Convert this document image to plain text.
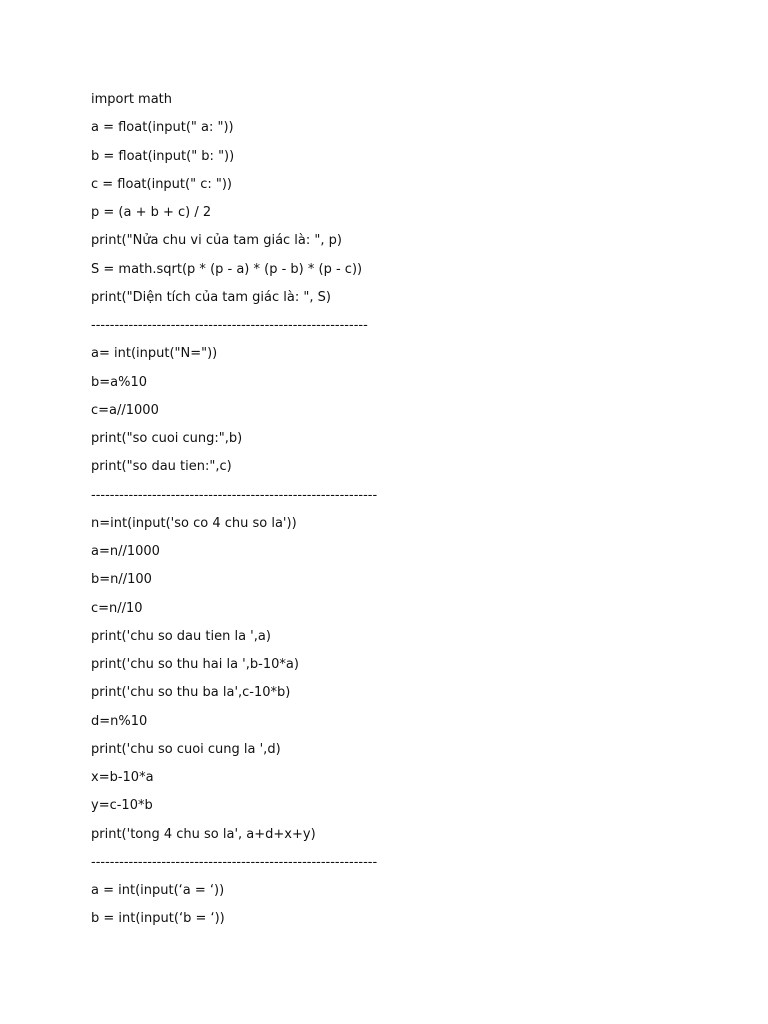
import math
a = float(input(" a: "))
b = float(input(" b: "))
c = float(input(" c: "))
p = (a + b + c) / 2
print("Nửa chu vi của tam giác là: ", p)
S = math.sqrt(p * (p - a) * (p - b) * (p - c))
print("Diện tích của tam giác là: ", S)
-----------------------------------------------------------
a= int(input("N="))
b=a%10
c=a//1000
print("so cuoi cung:",b)
print("so dau tien:",c)
-------------------------------------------------------------
n=int(input('so co 4 chu so la'))
a=n//1000
b=n//100
c=n//10
print('chu so dau tien la ',a)
print('chu so thu hai la ',b-10*a)
print('chu so thu ba la',c-10*b)
d=n%10
print('chu so cuoi cung la ',d)
x=b-10*a
y=c-10*b
print('tong 4 chu so la', a+d+x+y)
-------------------------------------------------------------
a = int(input(‘a = ‘))
b = int(input(‘b = ‘))
